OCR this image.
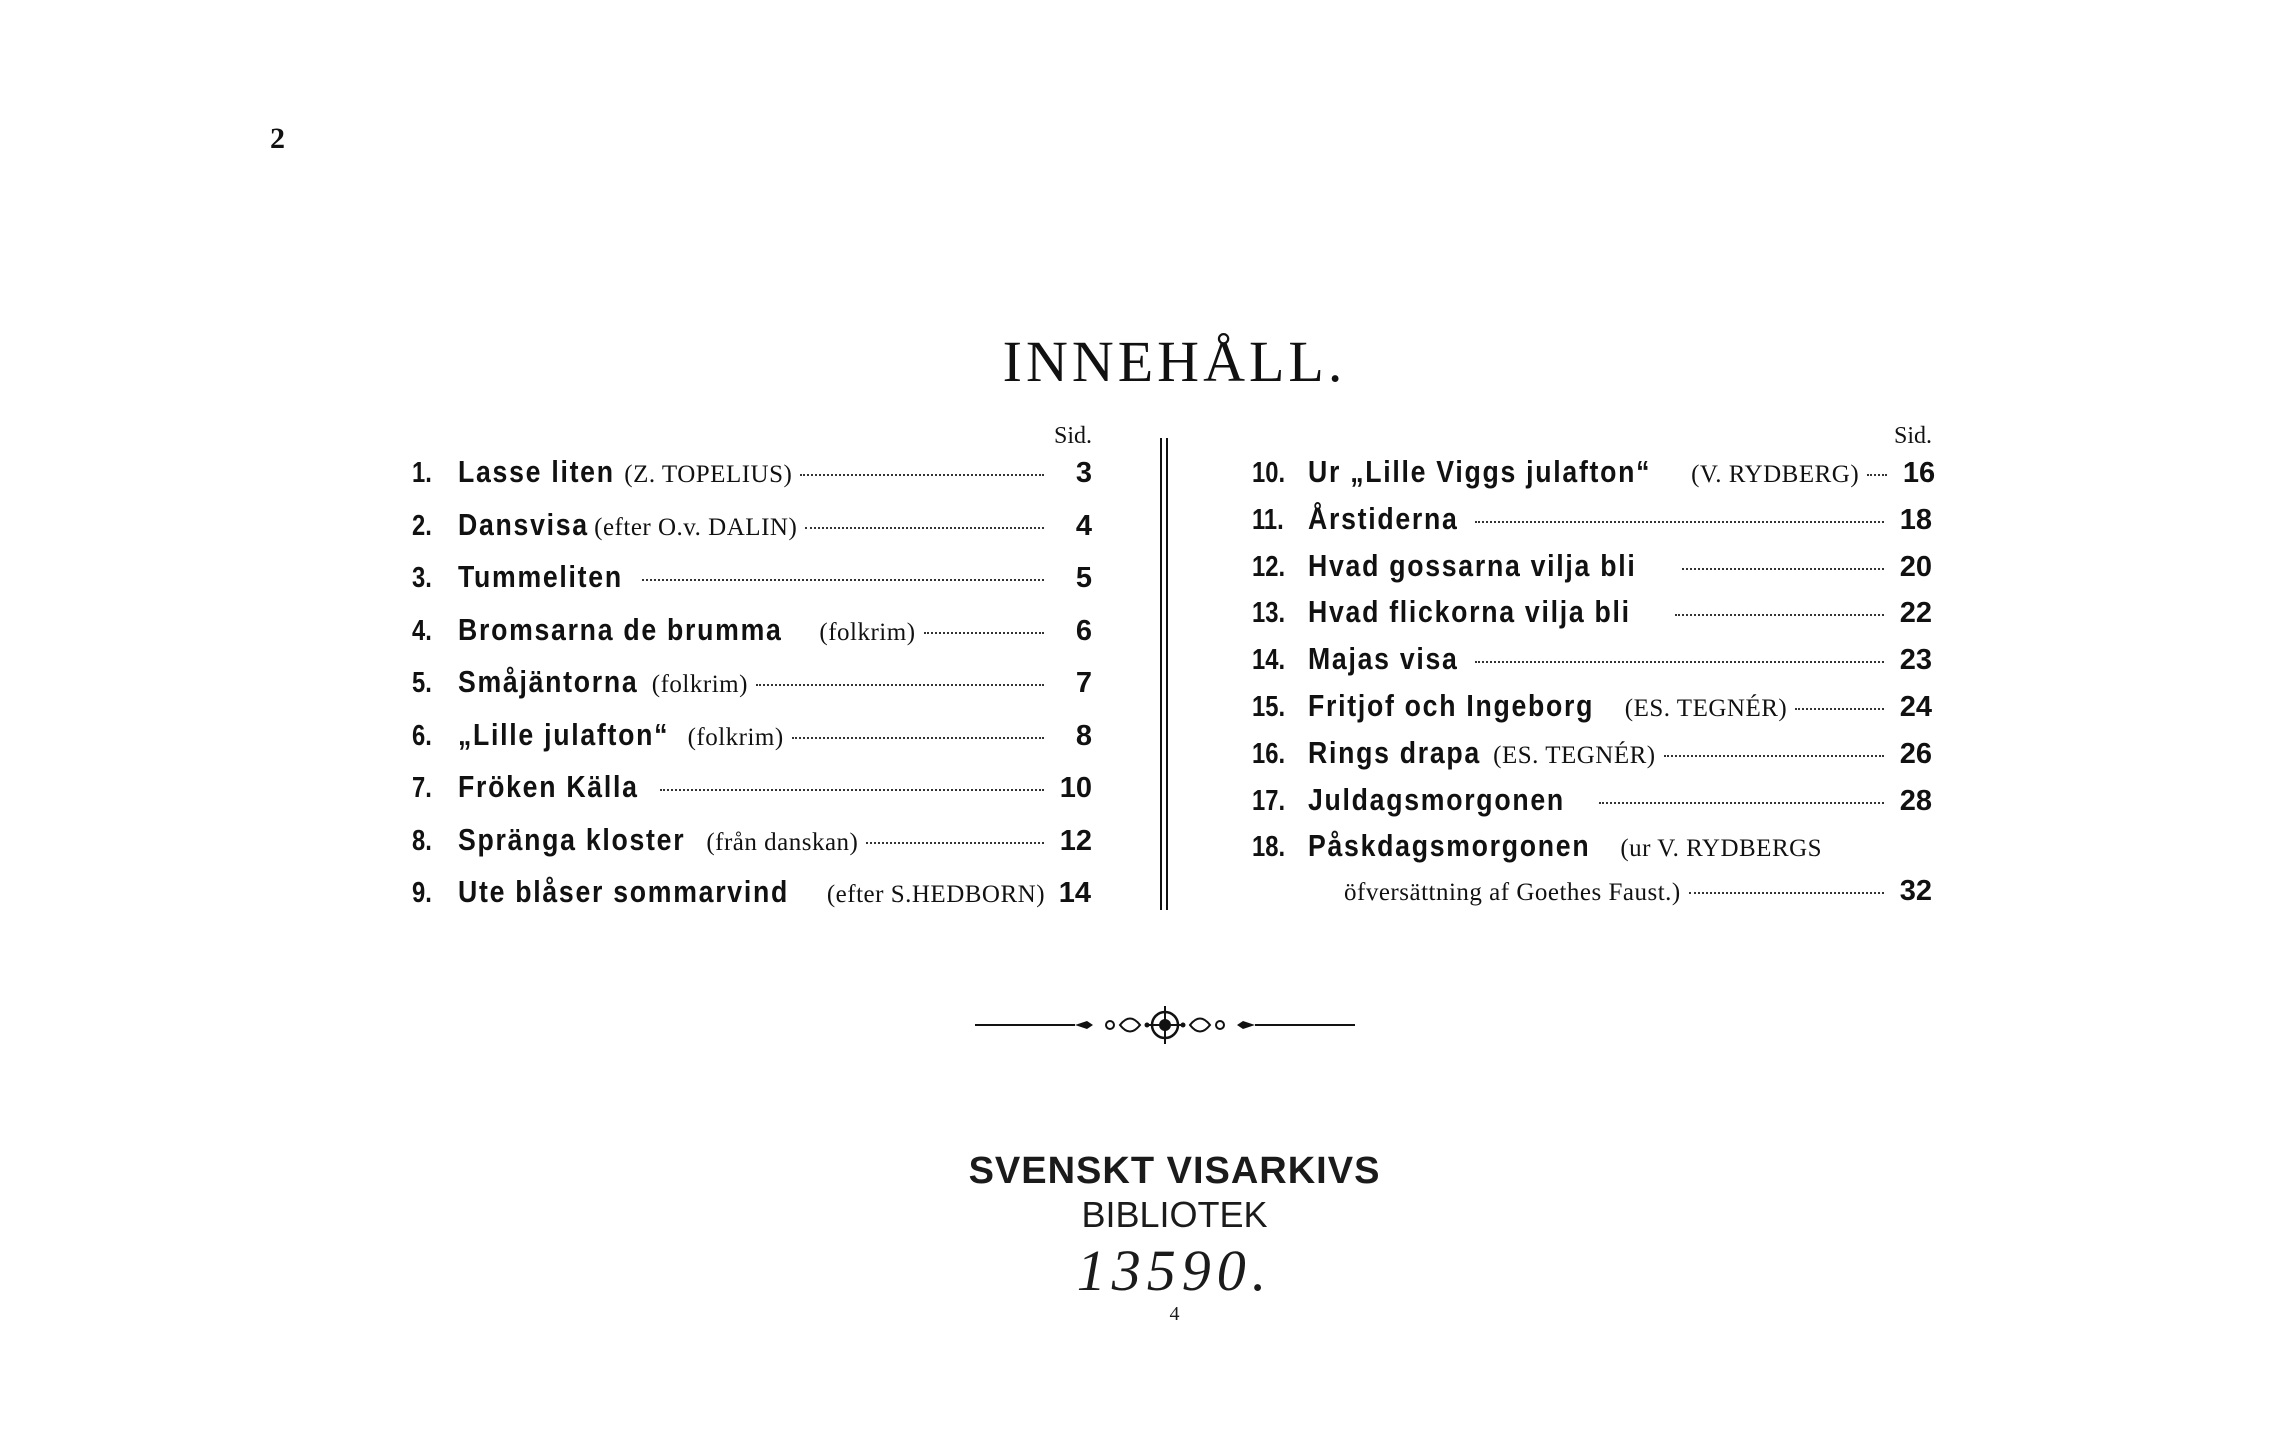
2
INNEHÅLL.
Sid.
1. Lasse liten (Z. TOPELIUS)	3
2. Dansvisa (efter O.v. DALIN)	4
3. Tummeliten	5
4. Bromsarna de brumma (folkrim)	6
5. Småjäntorna (folkrim)	7
6. „Lille julafton“ (folkrim)	8
7. Fröken Källa	10
8. Spränga kloster (från danskan)	12
9. Ute blåser sommarvind (efter S.HEDBORN) 14
Sid.
10. Ur „Lille Viggs julafton“ (V. RYDBERG) 16
11. Årstiderna	18
12. Hvad gossarna vilja bli	20
13. Hvad flickorna vilja bli	22
14. Majas visa	23
15. Fritjof och Ingeborg (ES. TEGNÉR)	24
16. Rings drapa (ES. TEGNÉR)	26
17. Juldagsmorgonen	28
18. Påskdagsmorgonen (ur V. RYDBERGS
öfversättning af Goethes Faust.)	32
SVENSKT VISARKIVS
BIBLIOTEK
13590.
4
